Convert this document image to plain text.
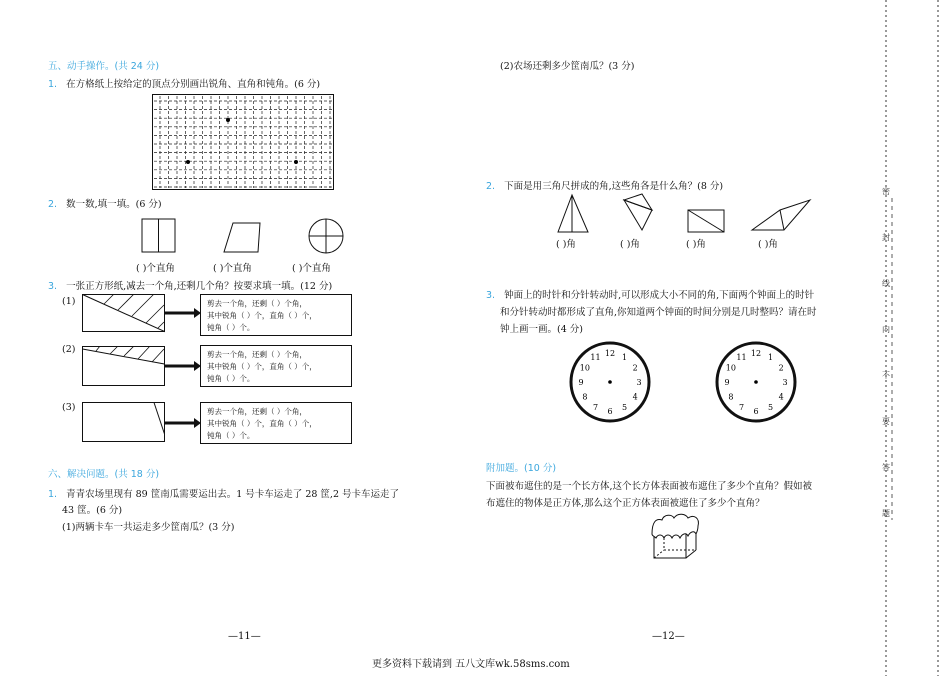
五、动手操作。(共 24 分)
1. 在方格纸上按给定的顶点分别画出锐角、直角和钝角。(6 分)
2. 数一数,填一填。(6 分)
( )个直角	( )个直角	( )个直角
3. 一张正方形纸,减去一个角,还剩几个角？按要求填一填。(12 分)
(1)	剪去一个角，还剩（ ）个角，
其中锐角（ ）个，直角（ ）个，
钝角（ ）个。
(2)	剪去一个角，还剩（ ）个角，
其中锐角（ ）个，直角（ ）个，
钝角（ ）个。
(3)	剪去一个角，还剩（ ）个角，
其中锐角（ ）个，直角（ ）个，
钝角（ ）个。
六、解决问题。(共 18 分)
1. 青青农场里现有 89 筐南瓜需要运出去。1 号卡车运走了 28 筐,2 号卡车运走了
43 筐。(6 分)
(1)两辆卡车一共运走多少筐南瓜？(3 分)
—11—
(2)农场还剩多少筐南瓜？(3 分)
2. 下面是用三角尺拼成的角,这些角各是什么角？(8 分)
( )角	( )角	( )角	( )角
3. 钟面上的时针和分针转动时,可以形成大小不同的角,下面两个钟面上的时针
和分针转动时都形成了直角,你知道两个钟面的时间分别是几时整吗？请在时
钟上画一画。(4 分)
12 1
2
3
4
5
6
7
8
9
10
11	12 1
2
3
4
5
6
7
8
9
10
11
附加题。(10 分)
下面被布遮住的是一个长方体,这个长方体表面被布遮住了多少个直角？假如被
布遮住的物体是正方体,那么这个正方体表面被遮住了多少个直角？
—12—
更多资料下载请到 五八文库wk.58sms.com
密
封
线
内
不
要
答
题
